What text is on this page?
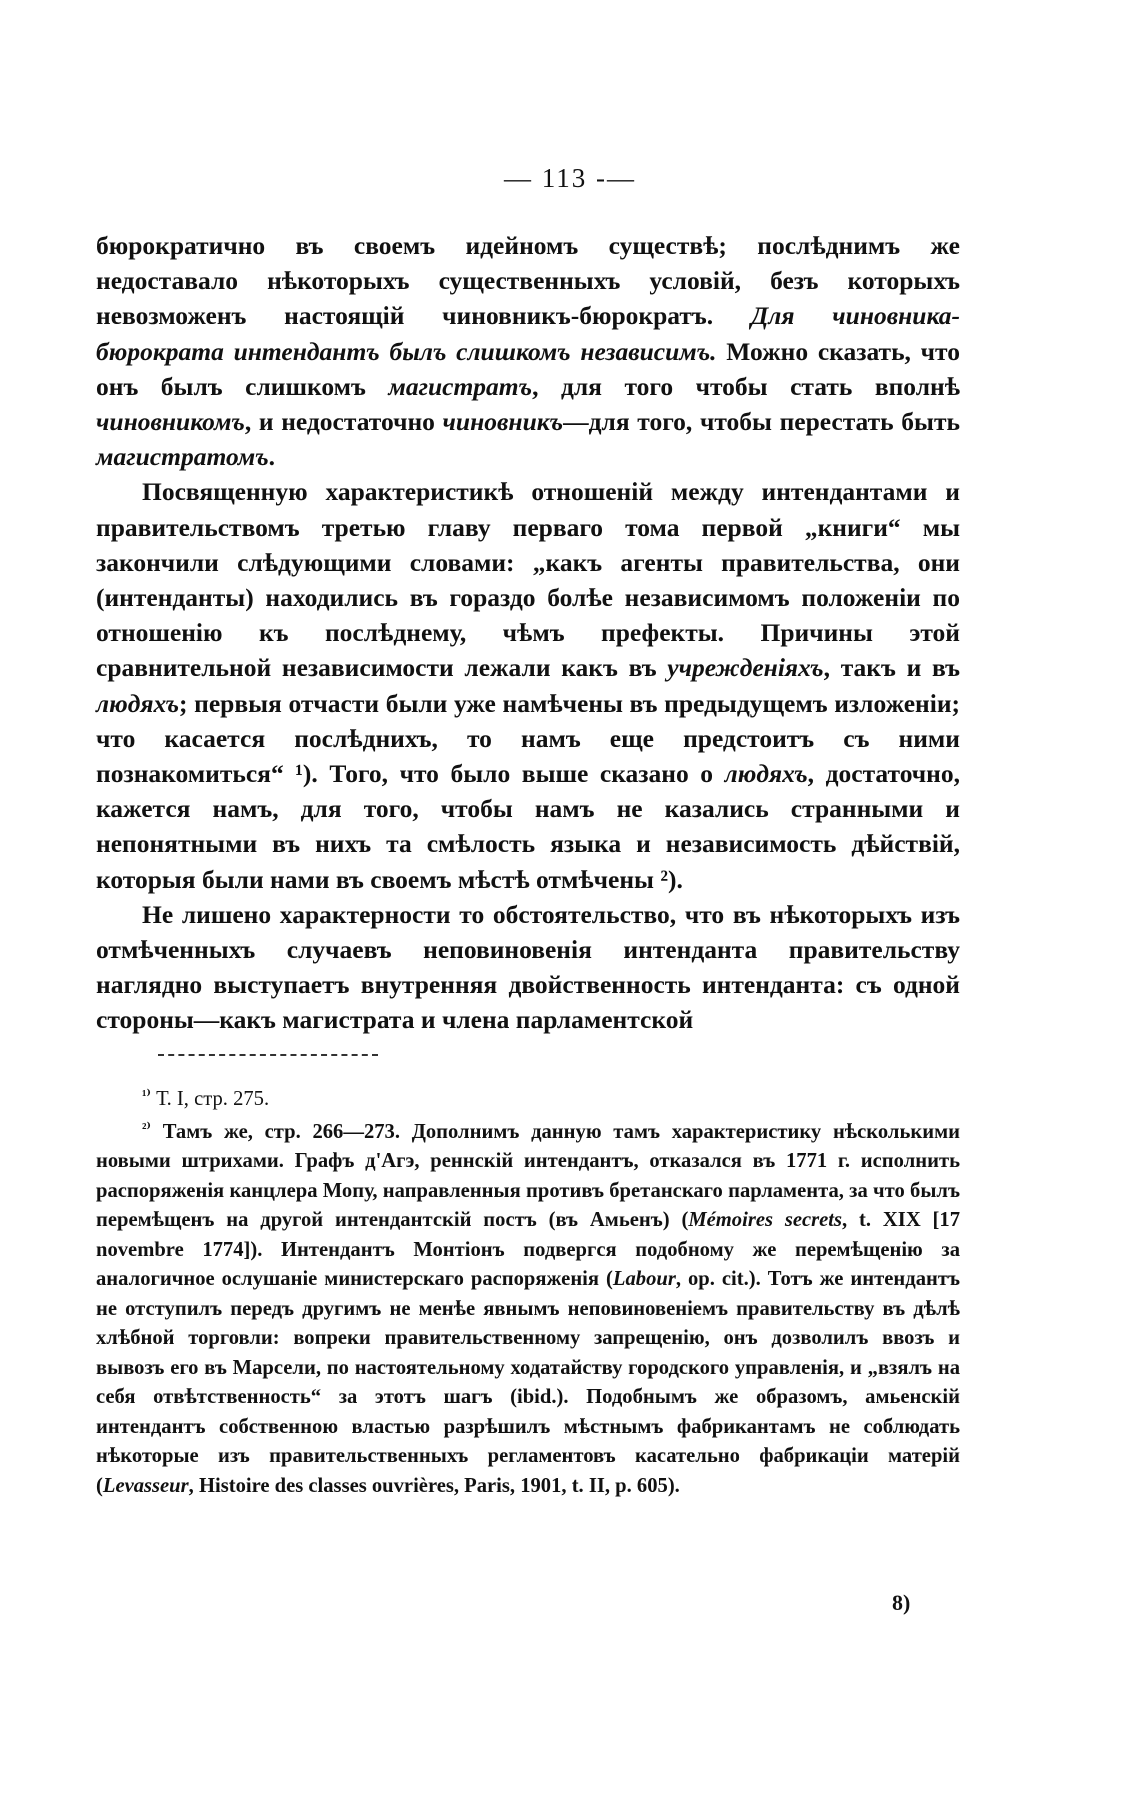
— 113 -—

бюрократично въ своемъ идейномъ существѣ; послѣднимъ же недоставало нѣкоторыхъ существенныхъ условій, безъ которыхъ невозможенъ настоящій чиновникъ-бюрократъ. Для чиновника-бюрократа интендантъ былъ слишкомъ независимъ. Можно сказать, что онъ былъ слишкомъ магистратъ, для того чтобы стать вполнѣ чиновникомъ, и недостаточно чиновникъ—для того, чтобы перестать быть магистратомъ.

Посвященную характеристикѣ отношеній между интендантами и правительствомъ третью главу перваго тома первой „книги“ мы закончили слѣдующими словами: „какъ агенты правительства, они (интенданты) находились въ гораздо болѣе независимомъ положеніи по отношенію къ послѣднему, чѣмъ префекты. Причины этой сравнительной независимости лежали какъ въ учрежденіяхъ, такъ и въ людяхъ; первыя отчасти были уже намѣчены въ предыдущемъ изложеніи; что касается послѣднихъ, то намъ еще предстоитъ съ ними познакомиться“ ¹). Того, что было выше сказано о людяхъ, достаточно, кажется намъ, для того, чтобы намъ не казались странными и непонятными въ нихъ та смѣлость языка и независимость дѣйствій, которыя были нами въ своемъ мѣстѣ отмѣчены ²).

Не лишено характерности то обстоятельство, что въ нѣкоторыхъ изъ отмѣченныхъ случаевъ неповиновенія интенданта правительству наглядно выступаетъ внутренняя двойственность интенданта: съ одной стороны—какъ магистрата и члена парламентской

$^{^{1)}}$ Т. I, стр. 275.

$^{^{2)}}$ Тамъ же, стр. 266—273. Дополнимъ данную тамъ характеристику нѣсколькими новыми штрихами. Графъ д'Агэ, реннскій интендантъ, отказался въ 1771 г. исполнить распоряженія канцлера Мопу, направленныя противъ бретанскаго парламента, за что былъ перемѣщенъ на другой интендантскій постъ (въ Амьенъ) (Mémoires secrets, t. XIX [17 novembre 1774]). Интендантъ Монтіонъ подвергся подобному же перемѣщенію за аналогичное ослушаніе министерскаго распоряженія (Labour, op. cit.). Тотъ же интендантъ не отступилъ передъ другимъ не менѣе явнымъ неповиновеніемъ правительству въ дѣлѣ хлѣбной торговли: вопреки правительственному запрещенію, онъ дозволилъ ввозъ и вывозъ его въ Марсели, по настоятельному ходатайству городского управленія, и „взялъ на себя отвѣтственность“ за этотъ шагъ (ibid.). Подобнымъ же образомъ, амьенскій интендантъ собственною властью разрѣшилъ мѣстнымъ фабрикантамъ не соблюдать нѣкоторые изъ правительственныхъ регламентовъ касательно фабрикаціи матерій (Levasseur, Histoire des classes ouvrières, Paris, 1901, t. II, p. 605).

8)
